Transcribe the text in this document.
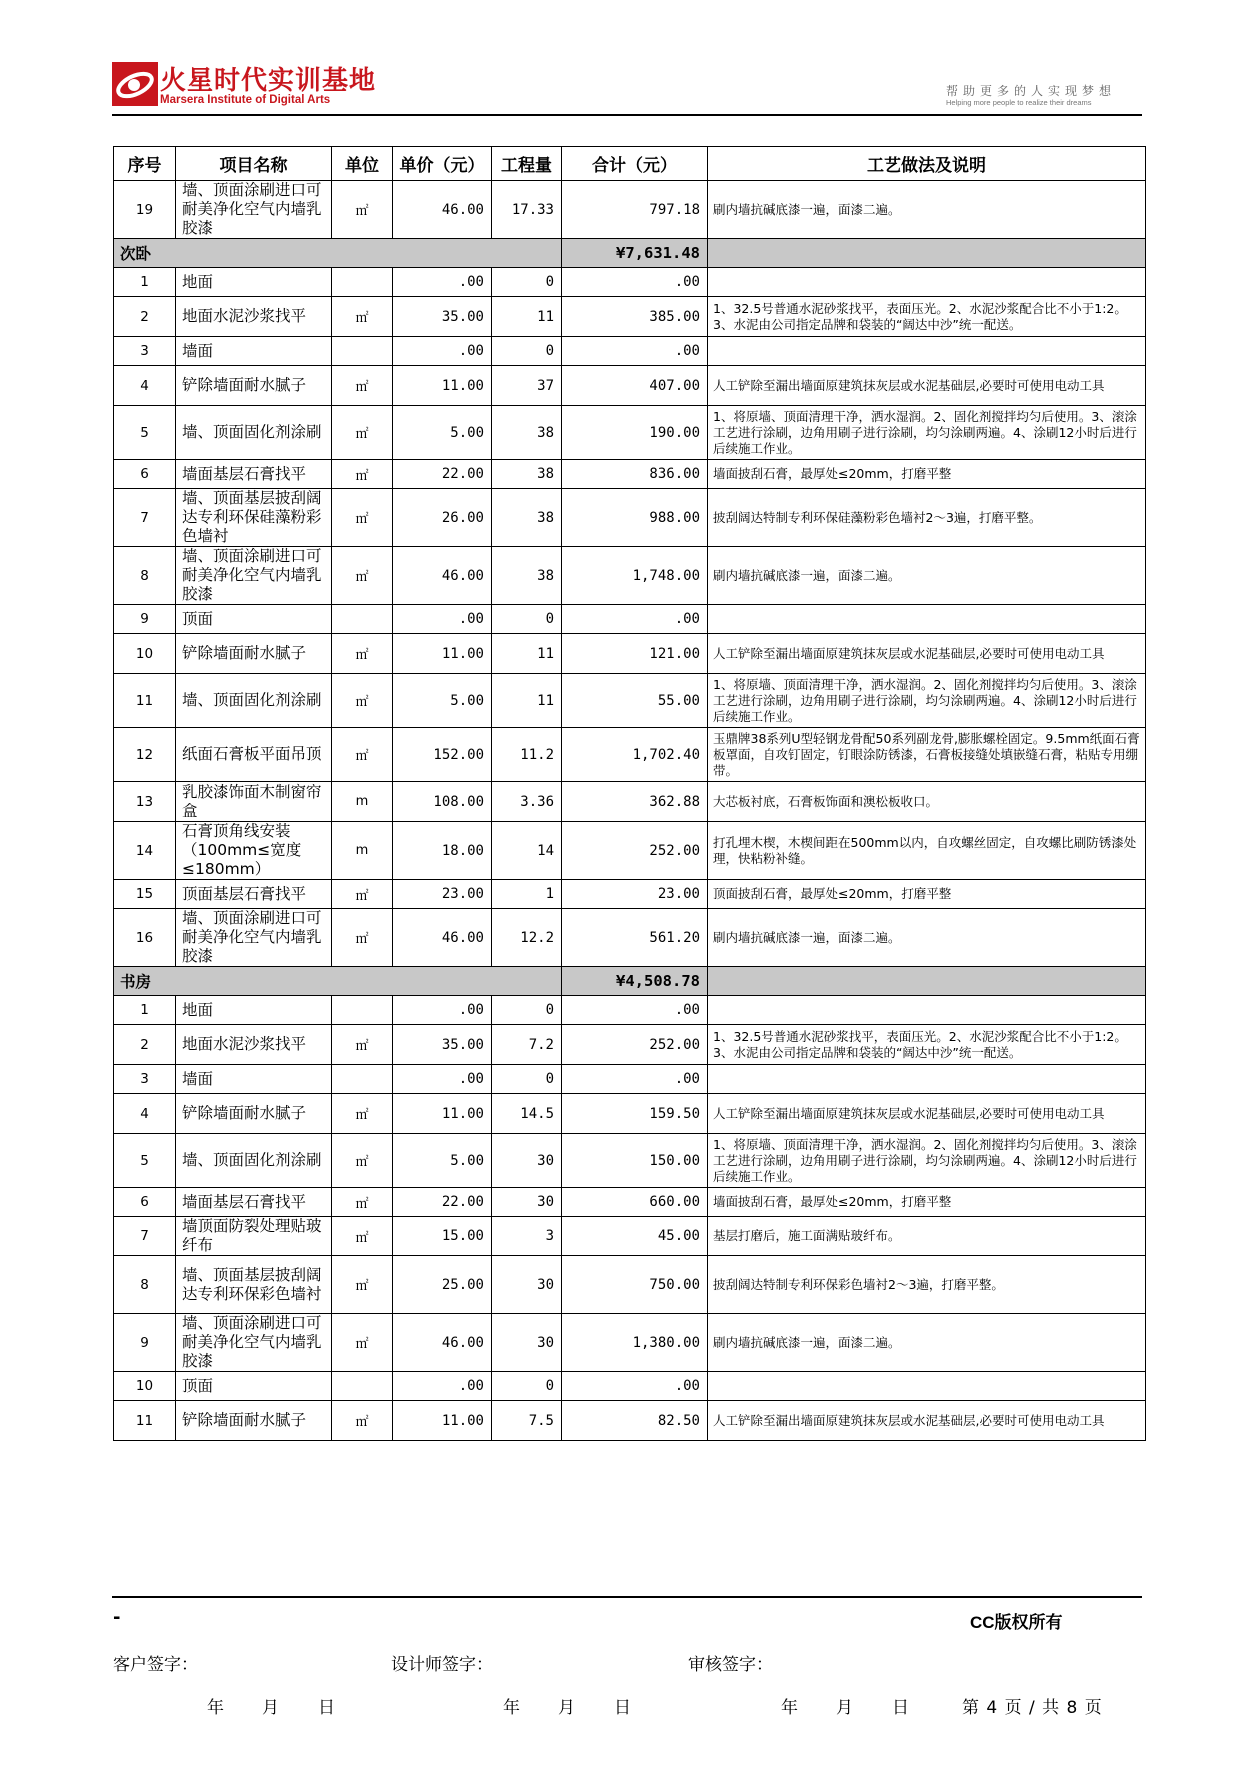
火星时代实训基地
Marsera Institute of Digital Arts
帮助更多的人实现梦想
Helping more people to realize their dreams
序号	项目名称	单位	单价（元）	工程量	合计（元）	工艺做法及说明
19	墙、顶面涂刷进口可耐美净化空气内墙乳胶漆	㎡	46.00	17.33	797.18	刷内墙抗碱底漆一遍，面漆二遍。
次卧					¥7,631.48	
1	地面		.00	0	.00	
2	地面水泥沙浆找平	㎡	35.00	11	385.00	1、32.5号普通水泥砂浆找平，表面压光。2、水泥沙浆配合比不小于1:2。3、水泥由公司指定品牌和袋装的“阔达中沙”统一配送。
3	墙面		.00	0	.00	
4	铲除墙面耐水腻子	㎡	11.00	37	407.00	人工铲除至漏出墙面原建筑抹灰层或水泥基础层,必要时可使用电动工具
5	墙、顶面固化剂涂刷	㎡	5.00	38	190.00	1、将原墙、顶面清理干净，洒水湿润。2、固化剂搅拌均匀后使用。3、滚涂工艺进行涂刷，边角用刷子进行涂刷，均匀涂刷两遍。4、涂刷12小时后进行后续施工作业。
6	墙面基层石膏找平	㎡	22.00	38	836.00	墙面披刮石膏，最厚处≤20mm，打磨平整
7	墙、顶面基层披刮阔达专利环保硅藻粉彩色墙衬	㎡	26.00	38	988.00	披刮阔达特制专利环保硅藻粉彩色墙衬2～3遍，打磨平整。
8	墙、顶面涂刷进口可耐美净化空气内墙乳胶漆	㎡	46.00	38	1,748.00	刷内墙抗碱底漆一遍，面漆二遍。
9	顶面		.00	0	.00	
10	铲除墙面耐水腻子	㎡	11.00	11	121.00	人工铲除至漏出墙面原建筑抹灰层或水泥基础层,必要时可使用电动工具
11	墙、顶面固化剂涂刷	㎡	5.00	11	55.00	1、将原墙、顶面清理干净，洒水湿润。2、固化剂搅拌均匀后使用。3、滚涂工艺进行涂刷，边角用刷子进行涂刷，均匀涂刷两遍。4、涂刷12小时后进行后续施工作业。
12	纸面石膏板平面吊顶	㎡	152.00	11.2	1,702.40	玉鼎牌38系列U型轻钢龙骨配50系列副龙骨,膨胀螺栓固定。9.5mm纸面石膏板罩面，自攻钉固定，钉眼涂防锈漆，石膏板接缝处填嵌缝石膏，粘贴专用绷带。
13	乳胶漆饰面木制窗帘盒	m	108.00	3.36	362.88	大芯板衬底，石膏板饰面和澳松板收口。
14	石膏顶角线安装（100mm≤宽度≤180mm）	m	18.00	14	252.00	打孔埋木楔，木楔间距在500mm以内，自攻螺丝固定，自攻螺比刷防锈漆处理，快粘粉补缝。
15	顶面基层石膏找平	㎡	23.00	1	23.00	顶面披刮石膏，最厚处≤20mm，打磨平整
16	墙、顶面涂刷进口可耐美净化空气内墙乳胶漆	㎡	46.00	12.2	561.20	刷内墙抗碱底漆一遍，面漆二遍。
书房					¥4,508.78	
1	地面		.00	0	.00	
2	地面水泥沙浆找平	㎡	35.00	7.2	252.00	1、32.5号普通水泥砂浆找平，表面压光。2、水泥沙浆配合比不小于1:2。3、水泥由公司指定品牌和袋装的“阔达中沙”统一配送。
3	墙面		.00	0	.00	
4	铲除墙面耐水腻子	㎡	11.00	14.5	159.50	人工铲除至漏出墙面原建筑抹灰层或水泥基础层,必要时可使用电动工具
5	墙、顶面固化剂涂刷	㎡	5.00	30	150.00	1、将原墙、顶面清理干净，洒水湿润。2、固化剂搅拌均匀后使用。3、滚涂工艺进行涂刷，边角用刷子进行涂刷，均匀涂刷两遍。4、涂刷12小时后进行后续施工作业。
6	墙面基层石膏找平	㎡	22.00	30	660.00	墙面披刮石膏，最厚处≤20mm，打磨平整
7	墙顶面防裂处理贴玻纤布	㎡	15.00	3	45.00	基层打磨后，施工面满贴玻纤布。
8	墙、顶面基层披刮阔达专利环保彩色墙衬	㎡	25.00	30	750.00	披刮阔达特制专利环保彩色墙衬2～3遍，打磨平整。
9	墙、顶面涂刷进口可耐美净化空气内墙乳胶漆	㎡	46.00	30	1,380.00	刷内墙抗碱底漆一遍，面漆二遍。
10	顶面		.00	0	.00	
11	铲除墙面耐水腻子	㎡	11.00	7.5	82.50	人工铲除至漏出墙面原建筑抹灰层或水泥基础层,必要时可使用电动工具
-	CC版权所有
客户签字：	设计师签字：	审核签字：
年 月 日	年 月 日	年 月 日	第 4 页 / 共 8 页
